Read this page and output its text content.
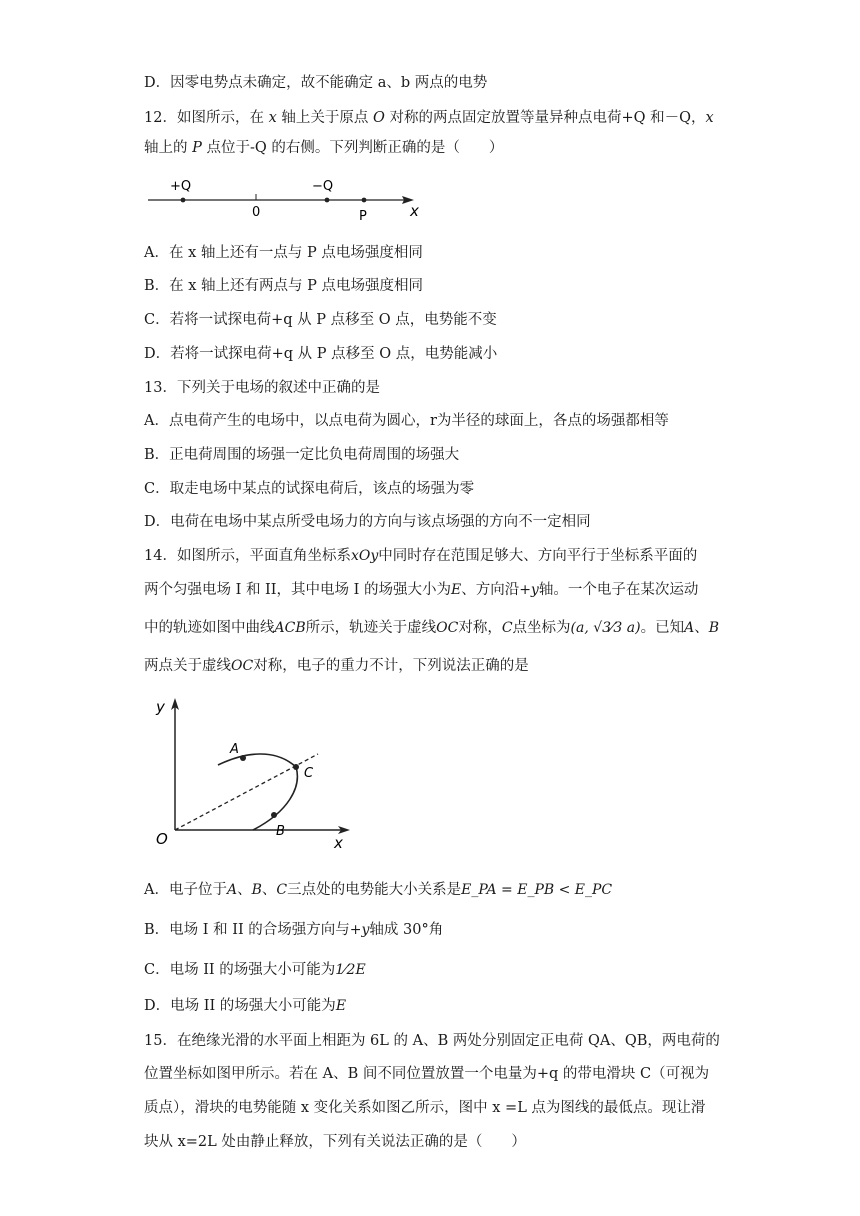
D．因零电势点未确定，故不能确定 a、b 两点的电势
12．如图所示，在 x 轴上关于原点 O 对称的两点固定放置等量异种点电荷+Q 和－Q，x
轴上的 P 点位于-Q 的右侧。下列判断正确的是（　　）
+Q
0
−Q
P	x
A．在 x 轴上还有一点与 P 点电场强度相同
B．在 x 轴上还有两点与 P 点电场强度相同
C．若将一试探电荷+q 从 P 点移至 O 点，电势能不变
D．若将一试探电荷+q 从 P 点移至 O 点，电势能减小
13．下列关于电场的叙述中正确的是
A．点电荷产生的电场中，以点电荷为圆心，r为半径的球面上，各点的场强都相等
B．正电荷周围的场强一定比负电荷周围的场强大
C．取走电场中某点的试探电荷后，该点的场强为零
D．电荷在电场中某点所受电场力的方向与该点场强的方向不一定相同
14．如图所示，平面直角坐标系xOy中同时存在范围足够大、方向平行于坐标系平面的
两个匀强电场 I 和 II，其中电场 I 的场强大小为E、方向沿+y轴。一个电子在某次运动
中的轨迹如图中曲线ACB所示，轨迹关于虚线OC对称，C点坐标为(a, √3⁄3 a)。已知A、B
两点关于虚线OC对称，电子的重力不计，下列说法正确的是
y
x
O
A
B
C
A．电子位于A、B、C三点处的电势能大小关系是E_PA = E_PB < E_PC
B．电场 I 和 II 的合场强方向与+y轴成 30°角
C．电场 II 的场强大小可能为1⁄2E
D．电场 II 的场强大小可能为E
15．在绝缘光滑的水平面上相距为 6L 的 A、B 两处分别固定正电荷 QA、QB，两电荷的
位置坐标如图甲所示。若在 A、B 间不同位置放置一个电量为+q 的带电滑块 C（可视为
质点），滑块的电势能随 x 变化关系如图乙所示，图中 x =L 点为图线的最低点。现让滑
块从 x=2L 处由静止释放，下列有关说法正确的是（　　）
